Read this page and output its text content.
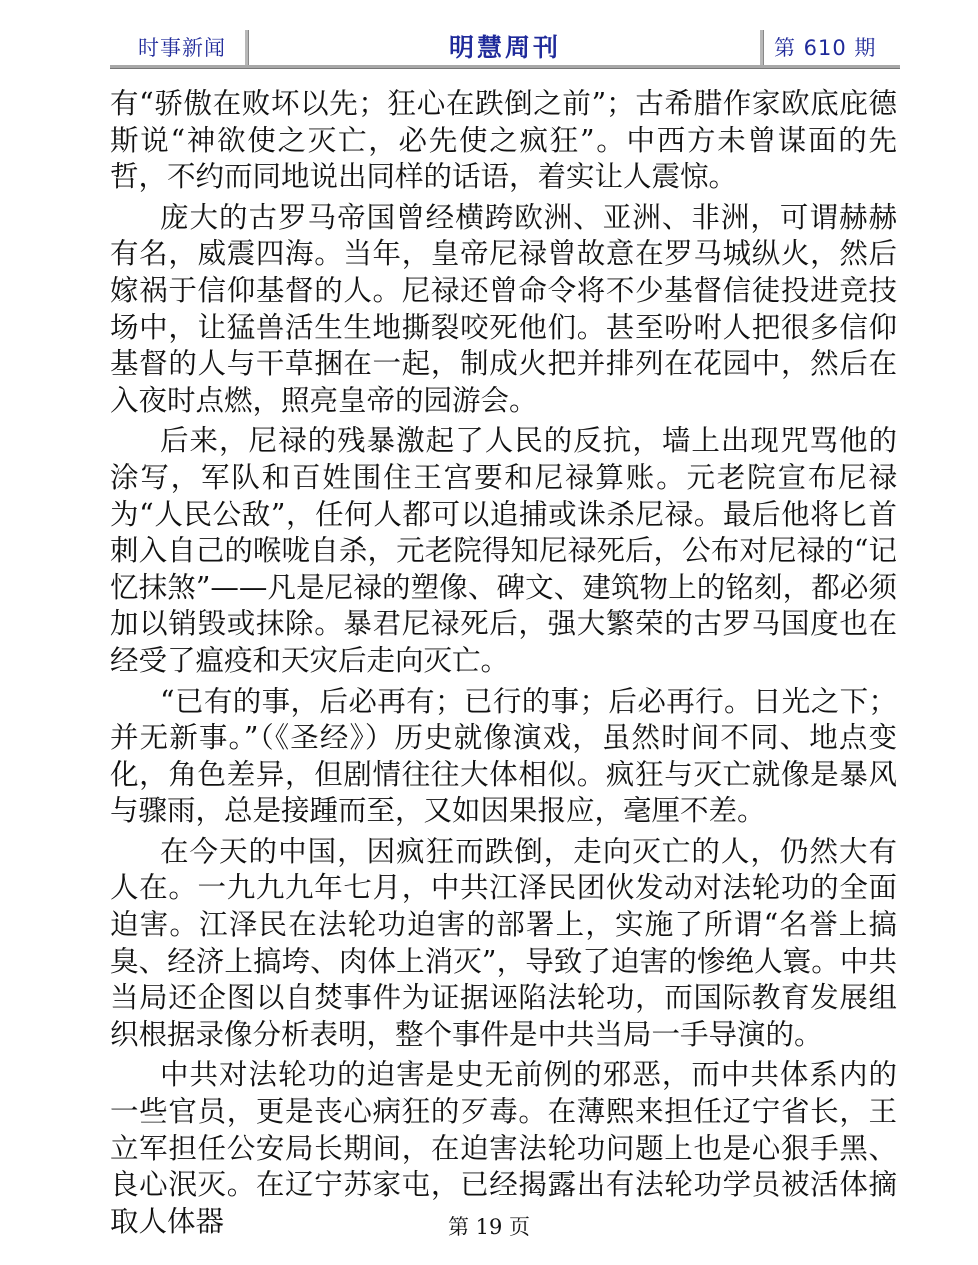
时事新闻	明慧周刊	第 610 期

有“骄傲在败坏以先；狂心在跌倒之前”；古希腊作家欧底庇德斯说“神欲使之灭亡，必先使之疯狂”。中西方未曾谋面的先哲，不约而同地说出同样的话语，着实让人震惊。

庞大的古罗马帝国曾经横跨欧洲、亚洲、非洲，可谓赫赫有名，威震四海。当年，皇帝尼禄曾故意在罗马城纵火，然后嫁祸于信仰基督的人。尼禄还曾命令将不少基督信徒投进竞技场中，让猛兽活生生地撕裂咬死他们。甚至吩咐人把很多信仰基督的人与干草捆在一起，制成火把并排列在花园中，然后在入夜时点燃，照亮皇帝的园游会。

后来，尼禄的残暴激起了人民的反抗，墙上出现咒骂他的涂写，军队和百姓围住王宫要和尼禄算账。元老院宣布尼禄为“人民公敌”，任何人都可以追捕或诛杀尼禄。最后他将匕首刺入自己的喉咙自杀，元老院得知尼禄死后，公布对尼禄的“记忆抹煞”——凡是尼禄的塑像、碑文、建筑物上的铭刻，都必须加以销毁或抹除。暴君尼禄死后，强大繁荣的古罗马国度也在经受了瘟疫和天灾后走向灭亡。

“已有的事，后必再有；已行的事；后必再行。日光之下；并无新事。”（《圣经》）历史就像演戏，虽然时间不同、地点变化，角色差异，但剧情往往大体相似。疯狂与灭亡就像是暴风与骤雨，总是接踵而至，又如因果报应，毫厘不差。

在今天的中国，因疯狂而跌倒，走向灭亡的人，仍然大有人在。一九九九年七月，中共江泽民团伙发动对法轮功的全面迫害。江泽民在法轮功迫害的部署上，实施了所谓“名誉上搞臭、经济上搞垮、肉体上消灭”，导致了迫害的惨绝人寰。中共当局还企图以自焚事件为证据诬陷法轮功，而国际教育发展组织根据录像分析表明，整个事件是中共当局一手导演的。

中共对法轮功的迫害是史无前例的邪恶，而中共体系内的一些官员，更是丧心病狂的歹毒。在薄熙来担任辽宁省长，王立军担任公安局长期间，在迫害法轮功问题上也是心狠手黑、良心泯灭。在辽宁苏家屯，已经揭露出有法轮功学员被活体摘取人体器	第 19 页
